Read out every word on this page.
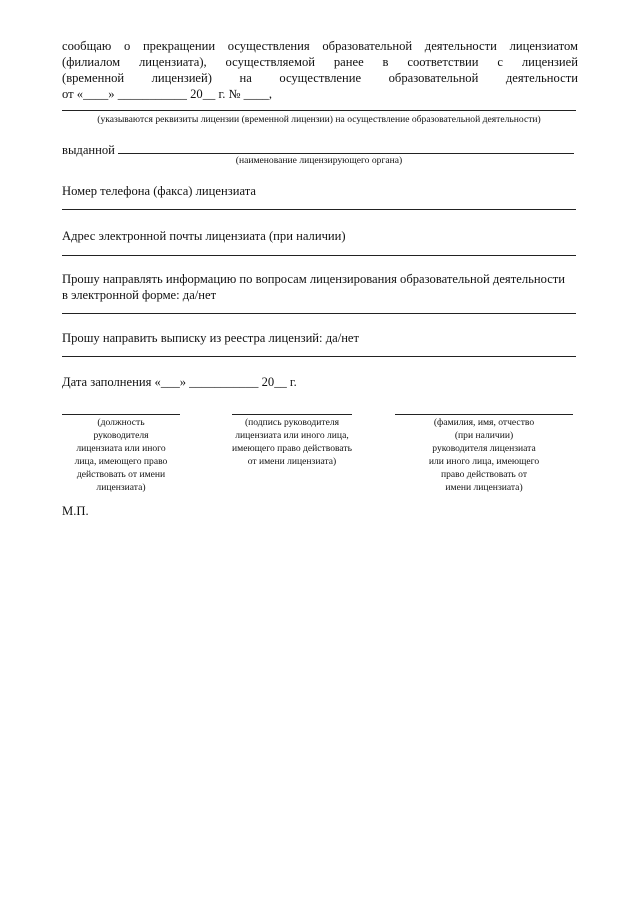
сообщаю о прекращении осуществления образовательной деятельности лицензиатом
(филиалом лицензиата), осуществляемой ранее в соответствии с лицензией
(временной лицензией) на осуществление образовательной деятельности
от «____» ___________ 20__ г. № ____,
(указываются реквизиты лицензии (временной лицензии) на осуществление образовательной деятельности)
выданной
(наименование лицензирующего органа)
Номер телефона (факса) лицензиата
Адрес электронной почты лицензиата (при наличии)
Прошу направлять информацию по вопросам лицензирования образовательной деятельности
в электронной форме: да/нет
Прошу направить выписку из реестра лицензий: да/нет
Дата заполнения «___» ___________ 20__ г.
(должность
руководителя
лицензиата или иного
лица, имеющего право
действовать от имени
лицензиата)
(подпись руководителя
лицензиата или иного лица,
имеющего право действовать
от имени лицензиата)
(фамилия, имя, отчество
(при наличии)
руководителя лицензиата
или иного лица, имеющего
право действовать от
имени лицензиата)
М.П.
